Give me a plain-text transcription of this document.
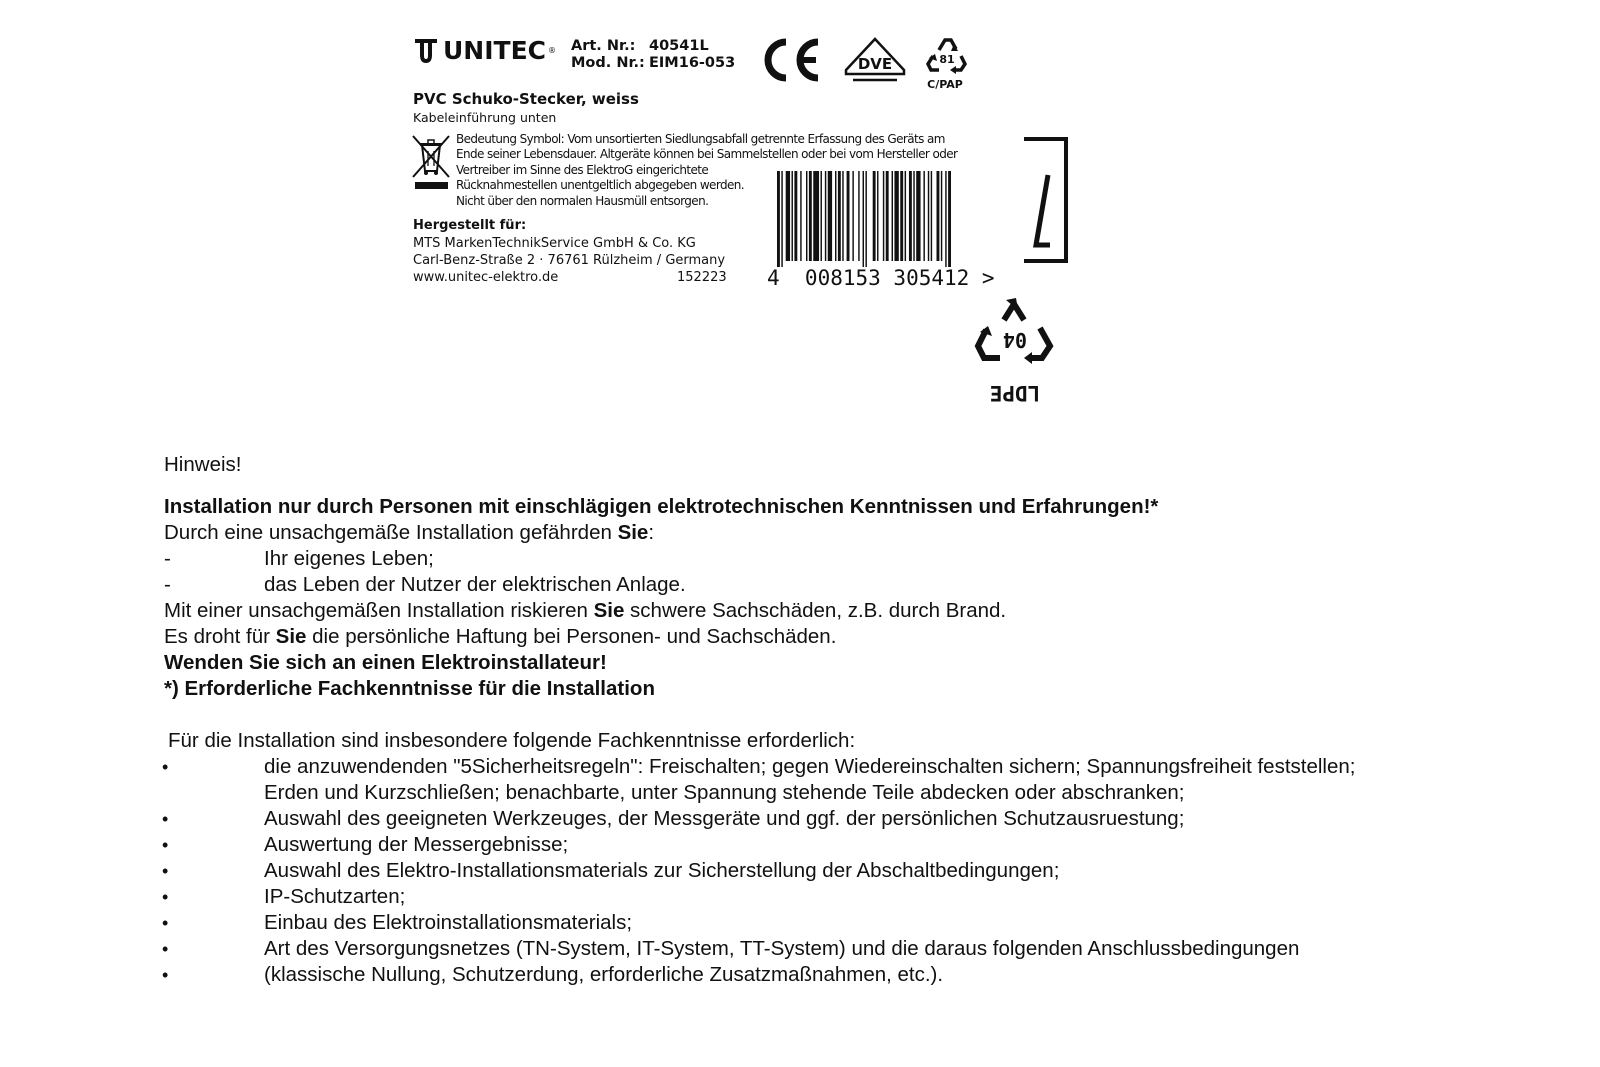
UNITEC ® Art. Nr.: 40541L
Mod. Nr.: EIM16-053	DVE	81
C/PAP
PVC Schuko-Stecker, weiss
Kabeleinführung unten
Bedeutung Symbol: Vom unsortierten Siedlungsabfall getrennte Erfassung des Geräts am
Ende seiner Lebensdauer. Altgeräte können bei Sammelstellen oder bei vom Hersteller oder
Vertreiber im Sinne des ElektroG eingerichtete
Rücknahmestellen unentgeltlich abgegeben werden.
Nicht über den normalen Hausmüll entsorgen.
Hergestellt für:
MTS MarkenTechnikService GmbH & Co. KG
Carl-Benz-Straße 2 · 76761 Rülzheim / Germany
www.unitec-elektro.de	152223 4  008153 305412 >
04
LDPE
Hinweis!
Installation nur durch Personen mit einschlägigen elektrotechnischen Kenntnissen und Erfahrungen!*
Durch eine unsachgemäße Installation gefährden Sie:
-	Ihr eigenes Leben;
-	das Leben der Nutzer der elektrischen Anlage.
Mit einer unsachgemäßen Installation riskieren Sie schwere Sachschäden, z.B. durch Brand.
Es droht für Sie die persönliche Haftung bei Personen- und Sachschäden.
Wenden Sie sich an einen Elektroinstallateur!
*) Erforderliche Fachkenntnisse für die Installation
Für die Installation sind insbesondere folgende Fachkenntnisse erforderlich:
•	die anzuwendenden "5Sicherheitsregeln": Freischalten; gegen Wiedereinschalten sichern; Spannungsfreiheit feststellen;
Erden und Kurzschließen; benachbarte, unter Spannung stehende Teile abdecken oder abschranken;
•	Auswahl des geeigneten Werkzeuges, der Messgeräte und ggf. der persönlichen Schutzausruestung;
•	Auswertung der Messergebnisse;
•	Auswahl des Elektro-Installationsmaterials zur Sicherstellung der Abschaltbedingungen;
•	IP-Schutzarten;
•	Einbau des Elektroinstallationsmaterials;
•	Art des Versorgungsnetzes (TN-System, IT-System, TT-System) und die daraus folgenden Anschlussbedingungen
•	(klassische Nullung, Schutzerdung, erforderliche Zusatzmaßnahmen, etc.).
